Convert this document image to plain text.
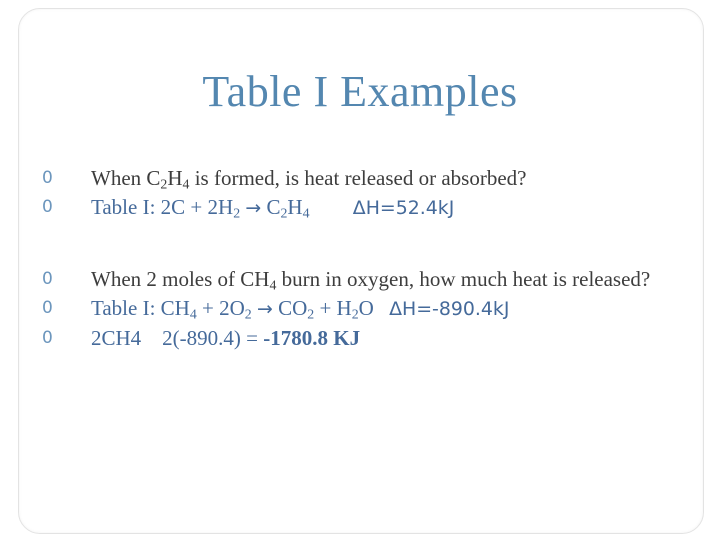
Table I Examples
0 When $C_2H_4$ is formed, is heat released or absorbed?
0 Table I: $2C + 2H_2 \to C_2H_4$ ΔH=52.4kJ
0 When 2 moles of $CH_4$ burn in oxygen, how much heat is released?
0 Table I: $CH_4 + 2O_2 \to CO_2 + H_2O$ ΔH=-890.4kJ
0 2CH4    2(-890.4) = -1780.8 KJ
